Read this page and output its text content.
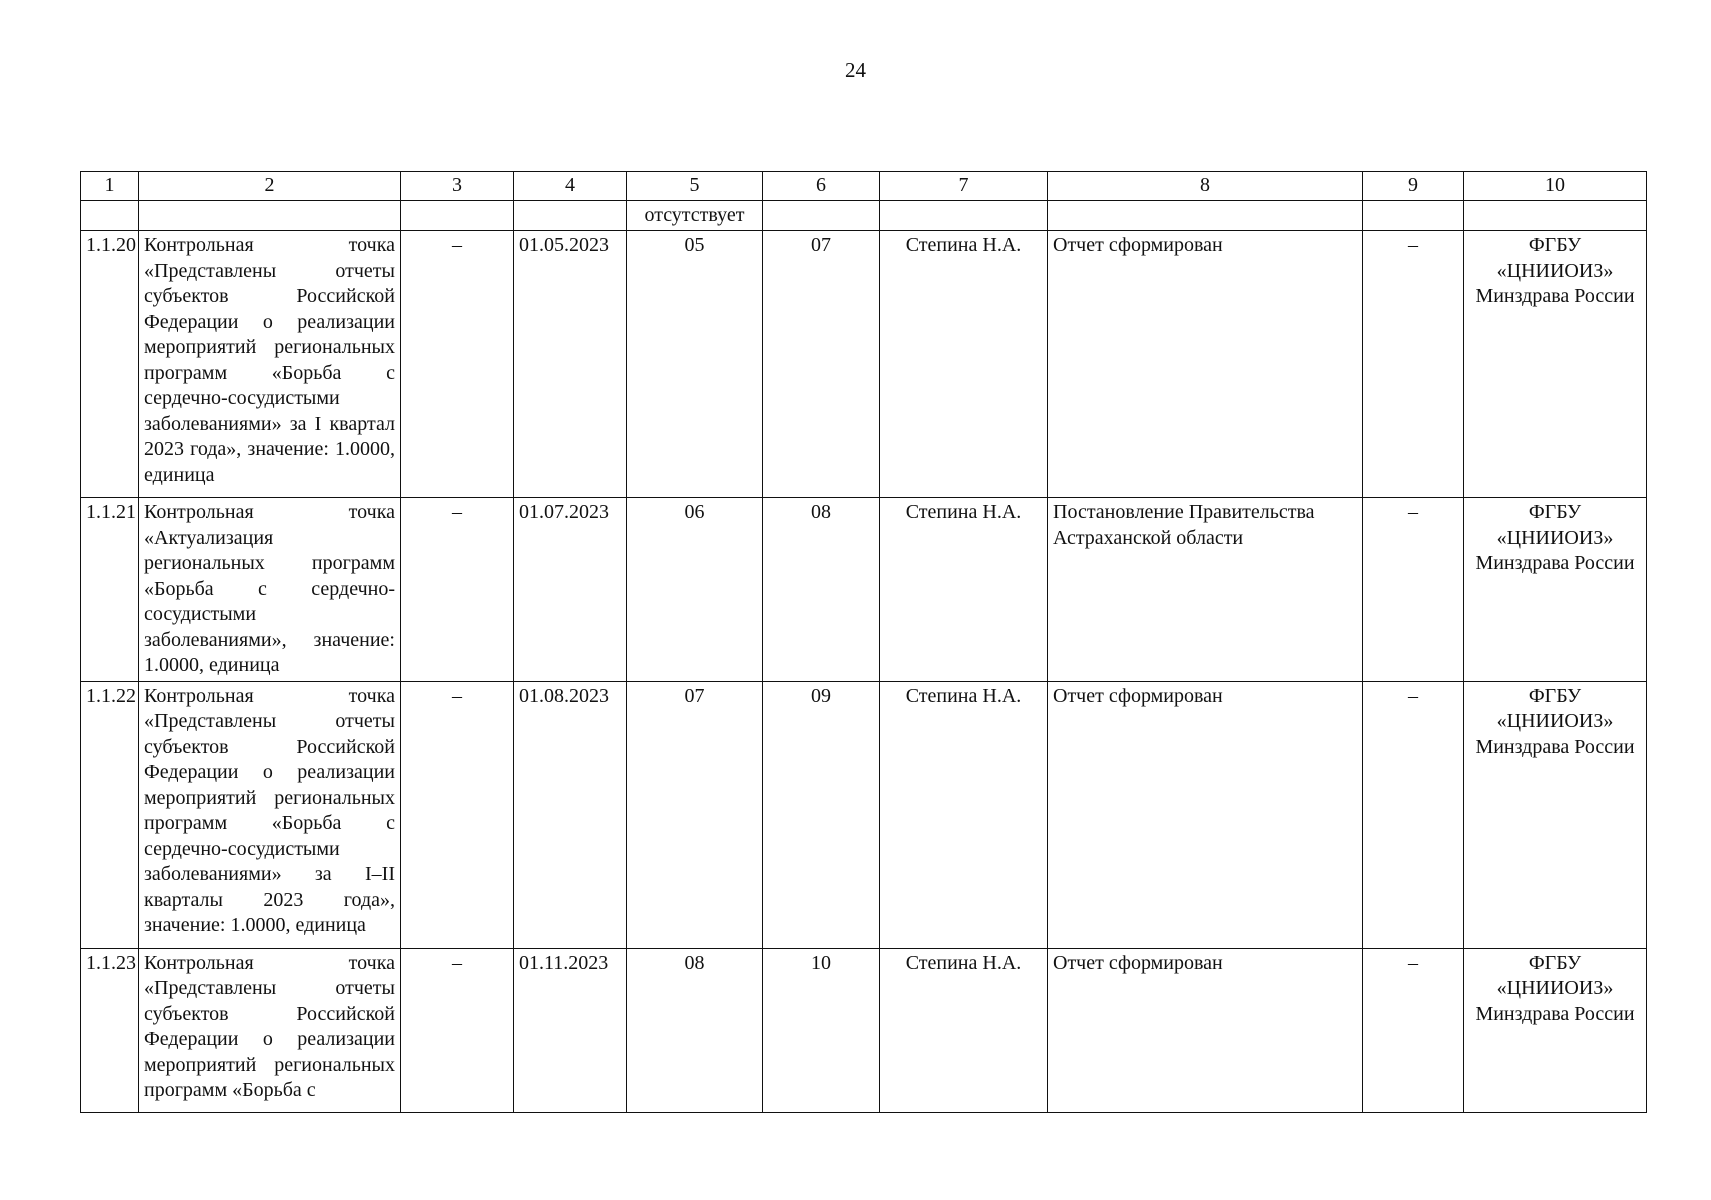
24
1	2	3	4	5	6	7	8	9	10
				отсутствует					
1.1.20	Контрольная точка «Представлены отчеты субъектов Российской Федерации о реализации мероприятий региональных программ «Борьба с сердечно-сосудистыми заболеваниями» за I квартал 2023 года», значение: 1.0000, единица	–	01.05.2023	05	07	Степина Н.А.	Отчет сформирован	–	ФГБУ «ЦНИИОИЗ» Минздрава России
1.1.21	Контрольная точка «Актуализация региональных программ «Борьба с сердечно-сосудистыми заболеваниями», значение: 1.0000, единица	–	01.07.2023	06	08	Степина Н.А.	Постановление Правительства Астраханской области	–	ФГБУ «ЦНИИОИЗ» Минздрава России
1.1.22	Контрольная точка «Представлены отчеты субъектов Российской Федерации о реализации мероприятий региональных программ «Борьба с сердечно-сосудистыми заболеваниями» за I–II кварталы 2023 года», значение: 1.0000, единица	–	01.08.2023	07	09	Степина Н.А.	Отчет сформирован	–	ФГБУ «ЦНИИОИЗ» Минздрава России
1.1.23	Контрольная точка «Представлены отчеты субъектов Российской Федерации о реализации мероприятий региональных программ «Борьба с	–	01.11.2023	08	10	Степина Н.А.	Отчет сформирован	–	ФГБУ «ЦНИИОИЗ» Минздрава России
